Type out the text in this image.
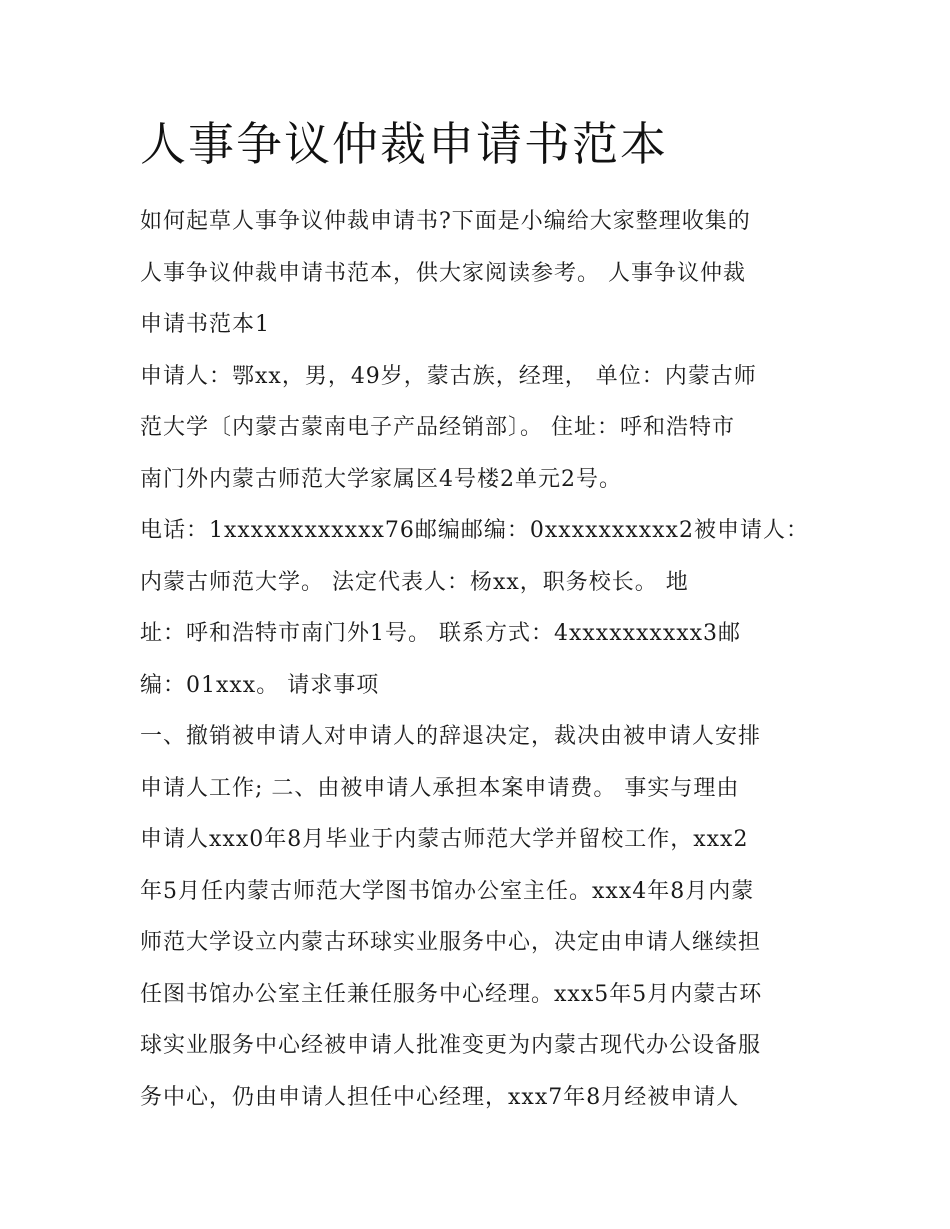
人事争议仲裁申请书范本
如何起草人事争议仲裁申请书?下面是小编给大家整理收集的
人事争议仲裁申请书范本，供大家阅读参考。 人事争议仲裁
申请书范本1
申请人：鄂xx，男，49岁，蒙古族，经理， 单位：内蒙古师
范大学〔内蒙古蒙南电子产品经销部〕。 住址：呼和浩特市
南门外内蒙古师范大学家属区4号楼2单元2号。
电话：1xxxxxxxxxxxx76邮编邮编：0xxxxxxxxxx2被申请人：
内蒙古师范大学。 法定代表人：杨xx，职务校长。 地
址：呼和浩特市南门外1号。 联系方式：4xxxxxxxxxx3邮
编：01xxx。 请求事项
一、撤销被申请人对申请人的辞退决定，裁决由被申请人安排
申请人工作; 二、由被申请人承担本案申请费。 事实与理由
申请人xxx0年8月毕业于内蒙古师范大学并留校工作，xxx2
年5月任内蒙古师范大学图书馆办公室主任。xxx4年8月内蒙
师范大学设立内蒙古环球实业服务中心，决定由申请人继续担
任图书馆办公室主任兼任服务中心经理。xxx5年5月内蒙古环
球实业服务中心经被申请人批准变更为内蒙古现代办公设备服
务中心，仍由申请人担任中心经理，xxx7年8月经被申请人
